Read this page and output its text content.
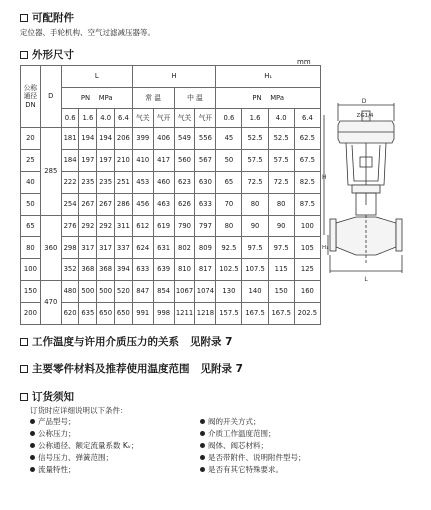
可配附件
定位器、手轮机构、空气过滤减压器等。
外形尺寸
mm
公称
通径
DN	D	L				H				H₁			
		PN MPa				常 温		中 温		PN MPa			
		0.6	1.6	4.0	6.4	气关	气开	气关	气开	0.6	1.6	4.0	6.4
20	285	181	194	194	206	399	406	549	556	45	52.5	52.5	62.5
25		184	197	197	210	410	417	560	567	50	57.5	57.5	67.5
40		222	235	235	251	453	460	623	630	65	72.5	72.5	82.5
50		254	267	267	286	456	463	626	633	70	80	80	87.5
65	360	276	292	292	311	612	619	790	797	80	90	90	100
80		298	317	317	337	624	631	802	809	92.5	97.5	97.5	105
100		352	368	368	394	633	639	810	817	102.5	107.5	115	125
150	470	480	500	500	520	847	854	1067	1074	130	140	150	160
200		620	635	650	650	991	998	1211	1218	157.5	167.5	167.5	202.5
D
ZG1/4
H
H₁
L
工作温度与许用介质压力的关系 见附录 7
主要零件材料及推荐使用温度范围 见附录 7
订货须知
订货时应详细说明以下条件：
产品型号；
公称压力；
公称通径、额定流量系数 Kᵥ；
信号压力、弹簧范围；
流量特性；
阀的开关方式；
介质工作温度范围；
阀体、阀芯材料；
是否带附件、说明附件型号；
是否有其它特殊要求。
